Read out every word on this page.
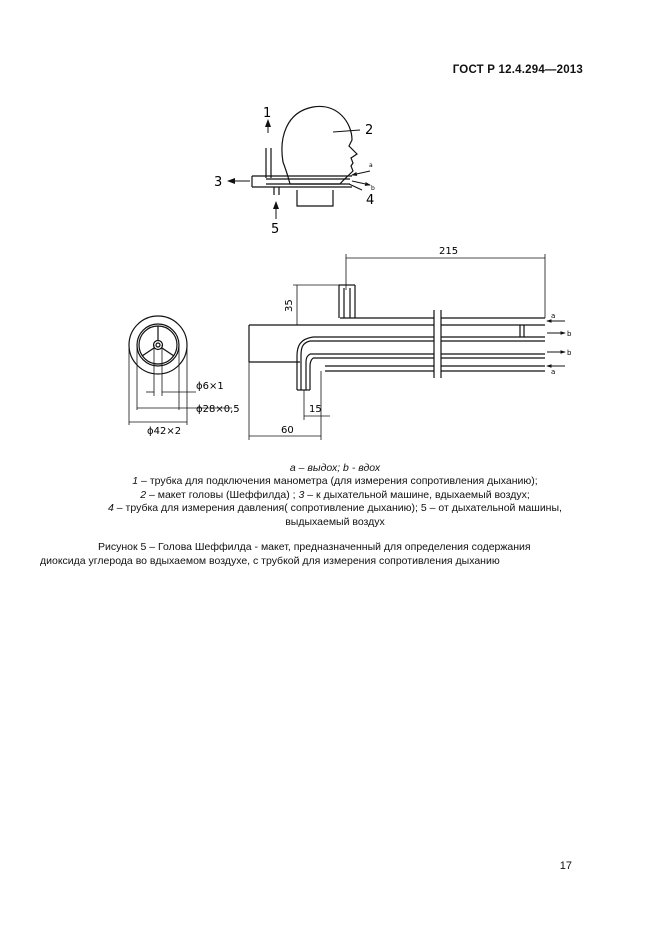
ГОСТ Р 12.4.294—2013
1
2
3
4
5
a
b
ϕ6×1
ϕ28×0,5
ϕ42×2
215
35
15
60
a
b
b
a
a – выдох; b - вдох
1 – трубка для подключения манометра (для измерения сопротивления дыханию);
2 – макет головы (Шеффилда) ; 3 – к дыхательной машине, вдыхаемый воздух;
4 – трубка для измерения давления( сопротивление дыханию); 5 – от дыхательной машины,
выдыхаемый воздух
Рисунок 5 – Голова Шеффилда - макет, предназначенный для определения содержания
диоксида углерода во вдыхаемом воздухе, с трубкой для измерения сопротивления дыханию
17
